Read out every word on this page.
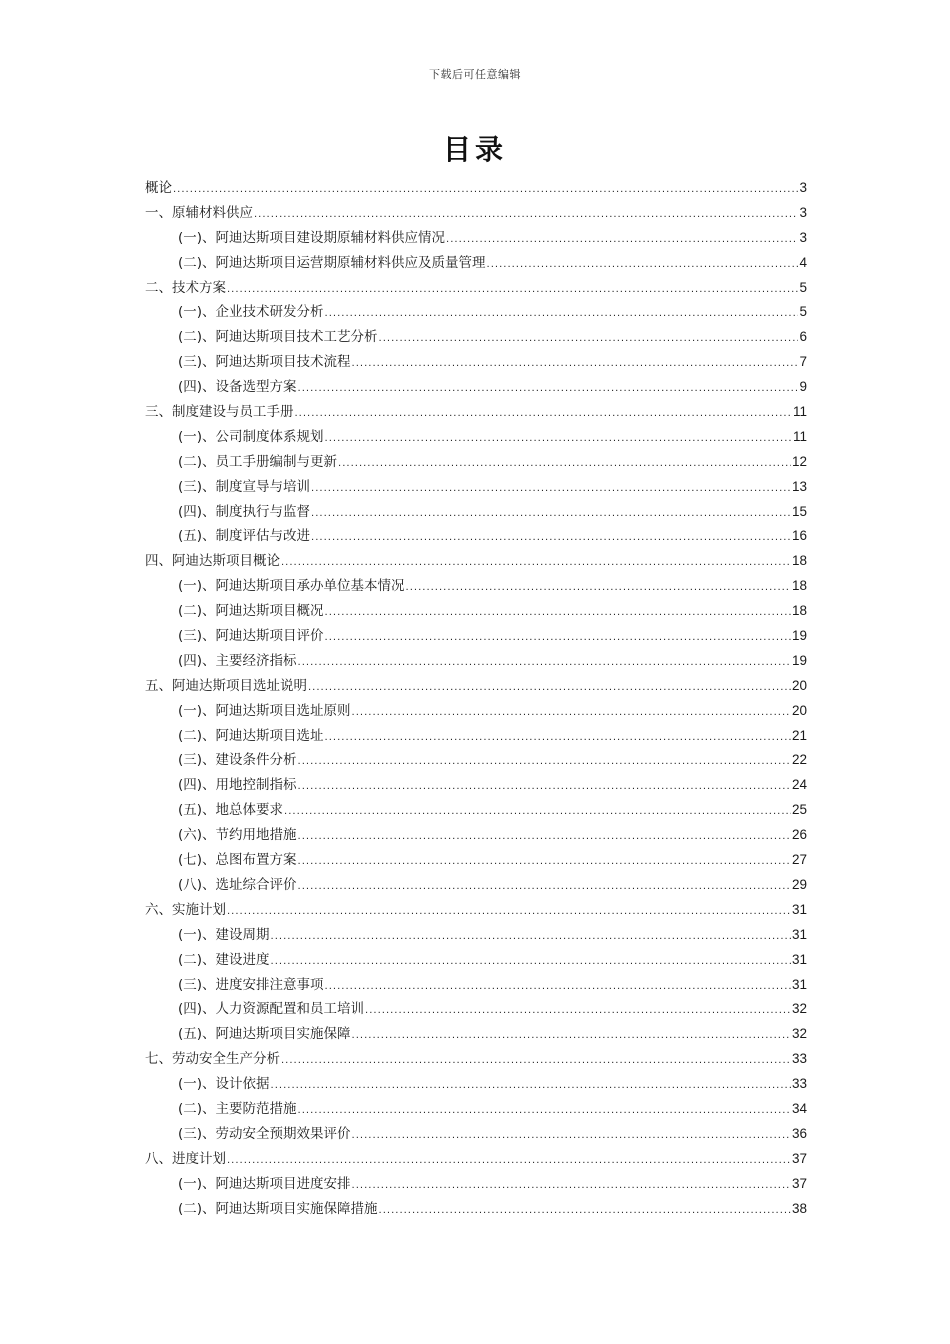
下载后可任意编辑
目录
概论 .....	3
一、原辅材料供应 .....	3
(一)、阿迪达斯项目建设期原辅材料供应情况 .....	3
(二)、阿迪达斯项目运营期原辅材料供应及质量管理 .....	4
二、技术方案 .....	5
(一)、企业技术研发分析 .....	5
(二)、阿迪达斯项目技术工艺分析 .....	6
(三)、阿迪达斯项目技术流程 .....	7
(四)、设备选型方案 .....	9
三、制度建设与员工手册 .....	11
(一)、公司制度体系规划 .....	11
(二)、员工手册编制与更新 .....	12
(三)、制度宣导与培训 .....	13
(四)、制度执行与监督 .....	15
(五)、制度评估与改进 .....	16
四、阿迪达斯项目概论 .....	18
(一)、阿迪达斯项目承办单位基本情况 .....	18
(二)、阿迪达斯项目概况 .....	18
(三)、阿迪达斯项目评价 .....	19
(四)、主要经济指标 .....	19
五、阿迪达斯项目选址说明 .....	20
(一)、阿迪达斯项目选址原则 .....	20
(二)、阿迪达斯项目选址 .....	21
(三)、建设条件分析 .....	22
(四)、用地控制指标 .....	24
(五)、地总体要求 .....	25
(六)、节约用地措施 .....	26
(七)、总图布置方案 .....	27
(八)、选址综合评价 .....	29
六、实施计划 .....	31
(一)、建设周期 .....	31
(二)、建设进度 .....	31
(三)、进度安排注意事项 .....	31
(四)、人力资源配置和员工培训 .....	32
(五)、阿迪达斯项目实施保障 .....	32
七、劳动安全生产分析 .....	33
(一)、设计依据 .....	33
(二)、主要防范措施 .....	34
(三)、劳动安全预期效果评价 .....	36
八、进度计划 .....	37
(一)、阿迪达斯项目进度安排 .....	37
(二)、阿迪达斯项目实施保障措施 .....	38
